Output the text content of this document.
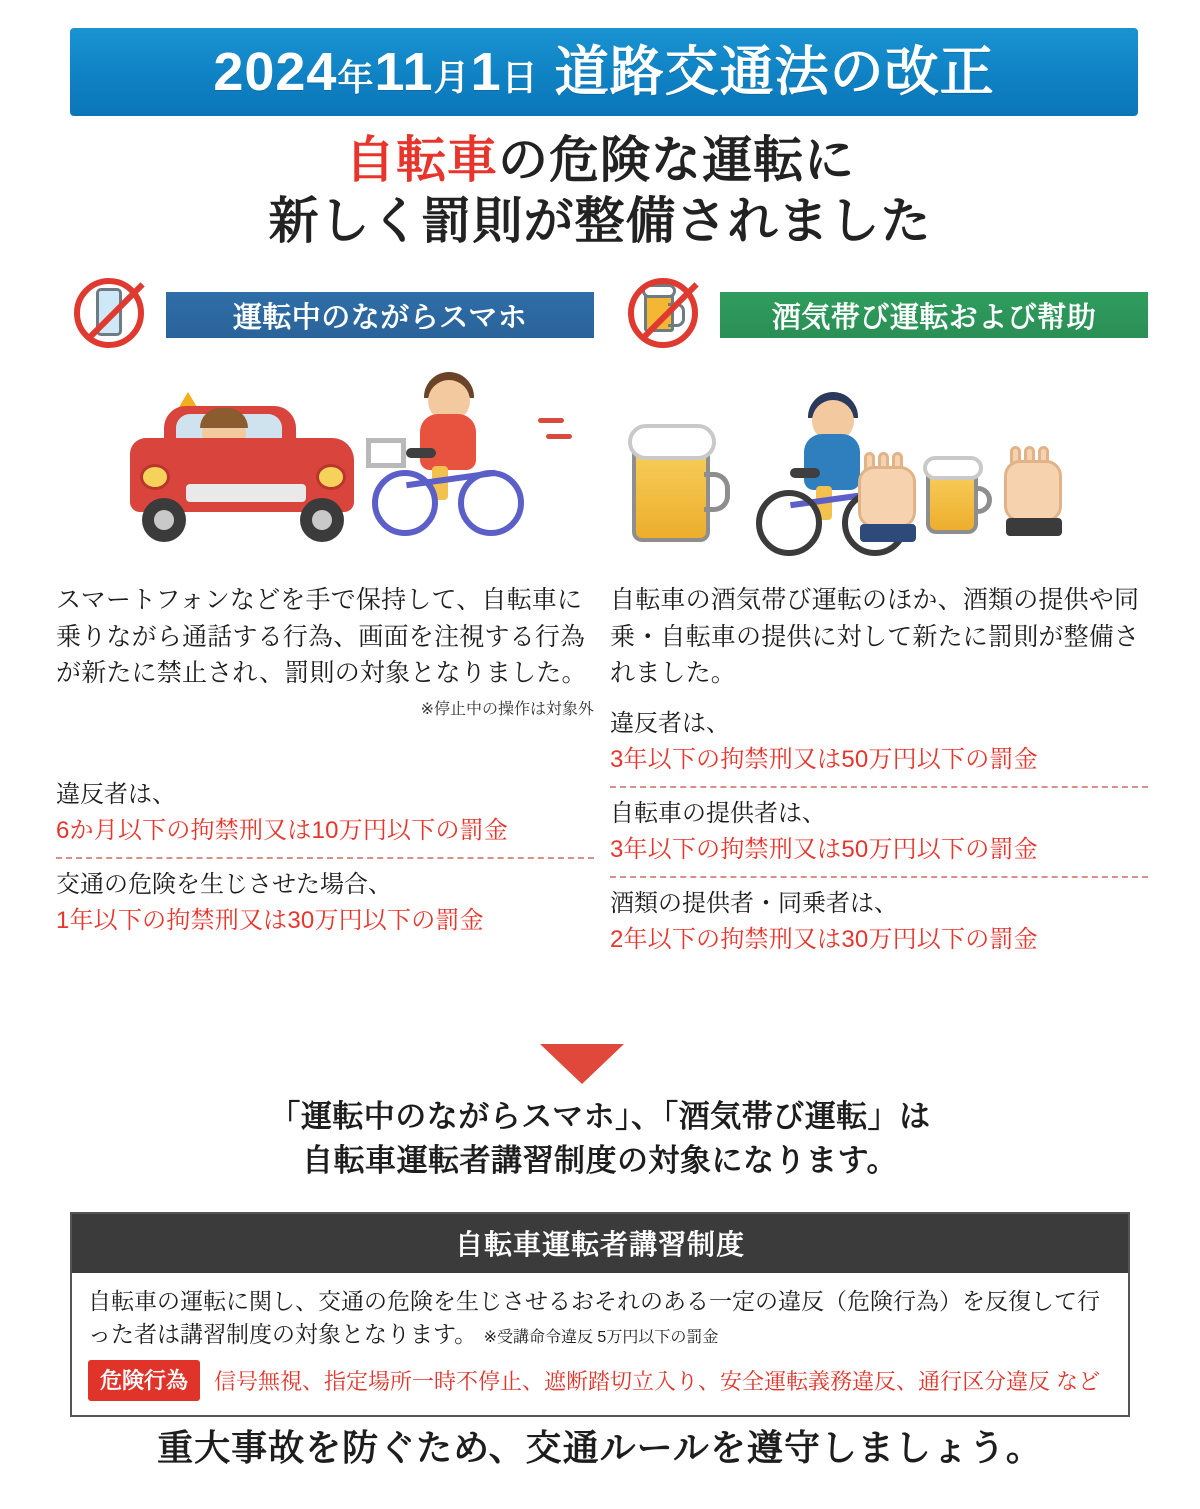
2024年11月1日 道路交通法の改正
自転車の危険な運転に
新しく罰則が整備されました
運転中のながらスマホ
スマートフォンなどを手で保持して、自転車に乗りながら通話する行為、画面を注視する行為が新たに禁止され、罰則の対象となりました。
※停止中の操作は対象外
違反者は、
6か月以下の拘禁刑又は10万円以下の罰金
交通の危険を生じさせた場合、
1年以下の拘禁刑又は30万円以下の罰金
酒気帯び運転および幇助
自転車の酒気帯び運転のほか、酒類の提供や同乗・自転車の提供に対して新たに罰則が整備されました。
違反者は、
3年以下の拘禁刑又は50万円以下の罰金
自転車の提供者は、
3年以下の拘禁刑又は50万円以下の罰金
酒類の提供者・同乗者は、
2年以下の拘禁刑又は30万円以下の罰金
「運転中のながらスマホ」、「酒気帯び運転」は
自転車運転者講習制度の対象になります。
自転車運転者講習制度
自転車の運転に関し、交通の危険を生じさせるおそれのある一定の違反（危険行為）を反復して行った者は講習制度の対象となります。 ※受講命令違反 5万円以下の罰金
危険行為	信号無視、指定場所一時不停止、遮断踏切立入り、安全運転義務違反、通行区分違反 など
重大事故を防ぐため、交通ルールを遵守しましょう。
